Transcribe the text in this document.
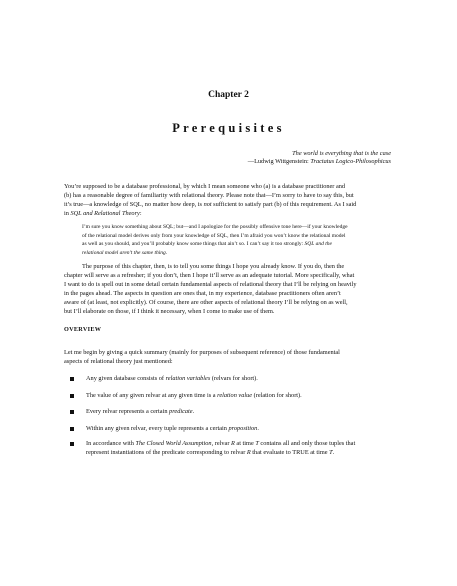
Chapter 2
Prerequisites
The world is everything that is the case
—Ludwig Wittgenstein: Tractatus Logico-Philosophicus
You’re supposed to be a database professional, by which I mean someone who (a) is a database practitioner and
(b) has a reasonable degree of familiarity with relational theory. Please note that—I’m sorry to have to say this, but
it’s true—a knowledge of SQL, no matter how deep, is not sufficient to satisfy part (b) of this requirement. As I said
in SQL and Relational Theory:
I’m sure you know something about SQL; but—and I apologize for the possibly offensive tone here—if your knowledge
of the relational model derives only from your knowledge of SQL, then I’m afraid you won’t know the relational model
as well as you should, and you’ll probably know some things that ain’t so. I can’t say it too strongly: SQL and the
relational model aren’t the same thing.
The purpose of this chapter, then, is to tell you some things I hope you already know. If you do, then the
chapter will serve as a refresher; if you don’t, then I hope it’ll serve as an adequate tutorial. More specifically, what
I want to do is spell out in some detail certain fundamental aspects of relational theory that I’ll be relying on heavily
in the pages ahead. The aspects in question are ones that, in my experience, database practitioners often aren’t
aware of (at least, not explicitly). Of course, there are other aspects of relational theory I’ll be relying on as well,
but I’ll elaborate on those, if I think it necessary, when I come to make use of them.
OVERVIEW
Let me begin by giving a quick summary (mainly for purposes of subsequent reference) of those fundamental
aspects of relational theory just mentioned:
Any given database consists of relation variables (relvars for short).
The value of any given relvar at any given time is a relation value (relation for short).
Every relvar represents a certain predicate.
Within any given relvar, every tuple represents a certain proposition.
In accordance with The Closed World Assumption, relvar R at time T contains all and only those tuples that
represent instantiations of the predicate corresponding to relvar R that evaluate to TRUE at time T.
